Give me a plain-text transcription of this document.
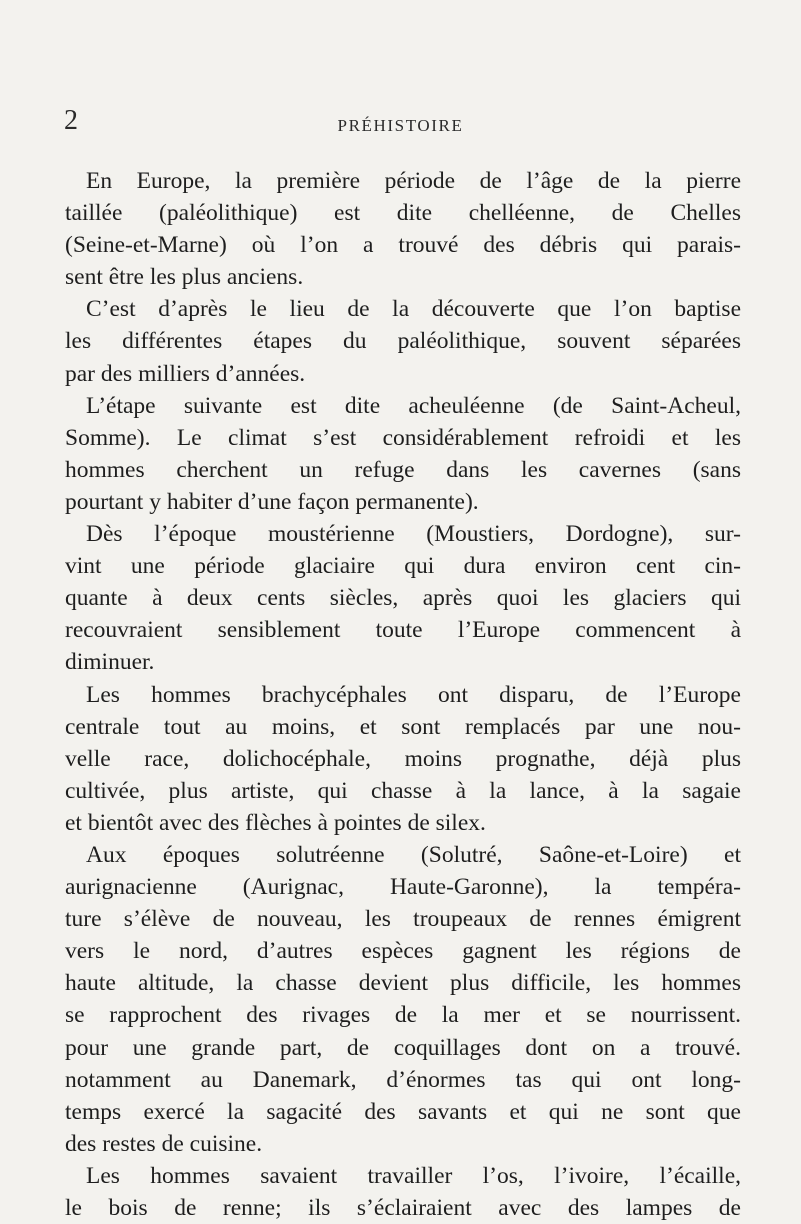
2	PRÉHISTOIRE
En Europe, la première période de l’âge de la pierre
taillée (paléolithique) est dite chelléenne, de Chelles
(Seine-et-Marne) où l’on a trouvé des débris qui parais-
sent être les plus anciens.
C’est d’après le lieu de la découverte que l’on baptise
les différentes étapes du paléolithique, souvent séparées
par des milliers d’années.
L’étape suivante est dite acheuléenne (de Saint-Acheul,
Somme). Le climat s’est considérablement refroidi et les
hommes cherchent un refuge dans les cavernes (sans
pourtant y habiter d’une façon permanente).
Dès l’époque moustérienne (Moustiers, Dordogne), sur-
vint une période glaciaire qui dura environ cent cin-
quante à deux cents siècles, après quoi les glaciers qui
recouvraient sensiblement toute l’Europe commencent à
diminuer.
Les hommes brachycéphales ont disparu, de l’Europe
centrale tout au moins, et sont remplacés par une nou-
velle race, dolichocéphale, moins prognathe, déjà plus
cultivée, plus artiste, qui chasse à la lance, à la sagaie
et bientôt avec des flèches à pointes de silex.
Aux époques solutréenne (Solutré, Saône-et-Loire) et
aurignacienne (Aurignac, Haute-Garonne), la tempéra-
ture s’élève de nouveau, les troupeaux de rennes émigrent
vers le nord, d’autres espèces gagnent les régions de
haute altitude, la chasse devient plus difficile, les hommes
se rapprochent des rivages de la mer et se nourrissent.
pour une grande part, de coquillages dont on a trouvé.
notamment au Danemark, d’énormes tas qui ont long-
temps exercé la sagacité des savants et qui ne sont que
des restes de cuisine.
Les hommes savaient travailler l’os, l’ivoire, l’écaille,
le bois de renne; ils s’éclairaient avec des lampes de
